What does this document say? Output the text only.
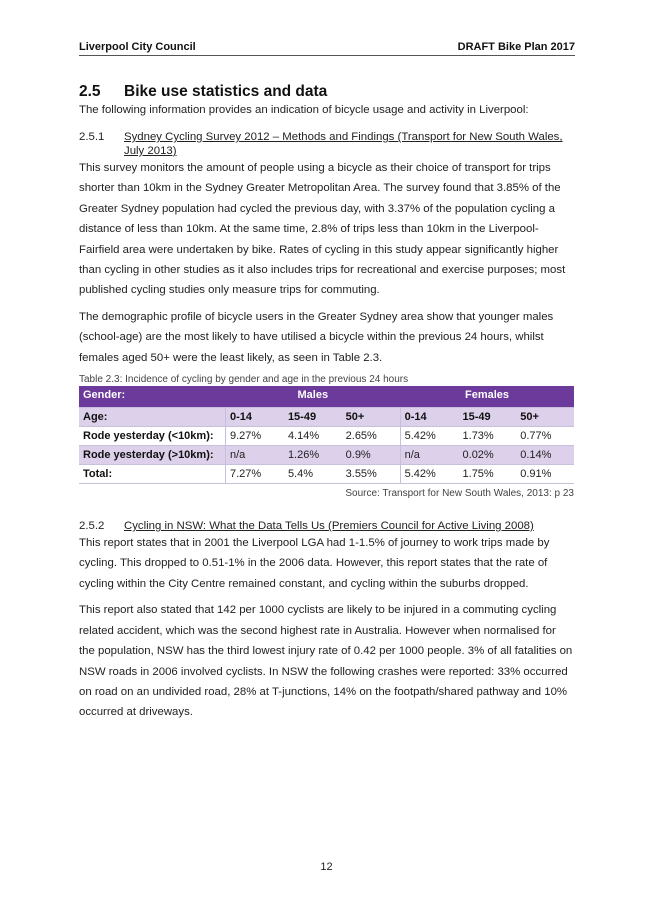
Liverpool City Council	DRAFT Bike Plan 2017
2.5	Bike use statistics and data

The following information provides an indication of bicycle usage and activity in Liverpool:

2.5.1	Sydney Cycling Survey 2012 – Methods and Findings (Transport for New South Wales, July 2013)

This survey monitors the amount of people using a bicycle as their choice of transport for trips shorter than 10km in the Sydney Greater Metropolitan Area. The survey found that 3.85% of the Greater Sydney population had cycled the previous day, with 3.37% of the population cycling a distance of less than 10km. At the same time, 2.8% of trips less than 10km in the Liverpool-Fairfield area were undertaken by bike. Rates of cycling in this study appear significantly higher than cycling in other studies as it also includes trips for recreational and exercise purposes; most published cycling studies only measure trips for commuting.

The demographic profile of bicycle users in the Greater Sydney area show that younger males (school-age) are the most likely to have utilised a bicycle within the previous 24 hours, whilst females aged 50+ were the least likely, as seen in Table 2.3.

Table 2.3: Incidence of cycling by gender and age in the previous 24 hours
Gender:	Males			Females		
Age:	0-14	15-49	50+	0-14	15-49	50+
Rode yesterday (<10km):	9.27%	4.14%	2.65%	5.42%	1.73%	0.77%
Rode yesterday (>10km):	n/a	1.26%	0.9%	n/a	0.02%	0.14%
Total:	7.27%	5.4%	3.55%	5.42%	1.75%	0.91%
Source: Transport for New South Wales, 2013: p 23
2.5.2	Cycling in NSW: What the Data Tells Us (Premiers Council for Active Living 2008)

This report states that in 2001 the Liverpool LGA had 1-1.5% of journey to work trips made by cycling. This dropped to 0.51-1% in the 2006 data. However, this report states that the rate of cycling within the City Centre remained constant, and cycling within the suburbs dropped.

This report also stated that 142 per 1000 cyclists are likely to be injured in a commuting cycling related accident, which was the second highest rate in Australia. However when normalised for the population, NSW has the third lowest injury rate of 0.42 per 1000 people. 3% of all fatalities on NSW roads in 2006 involved cyclists. In NSW the following crashes were reported: 33% occurred on road on an undivided road, 28% at T-junctions, 14% on the footpath/shared pathway and 10% occurred at driveways.

12
